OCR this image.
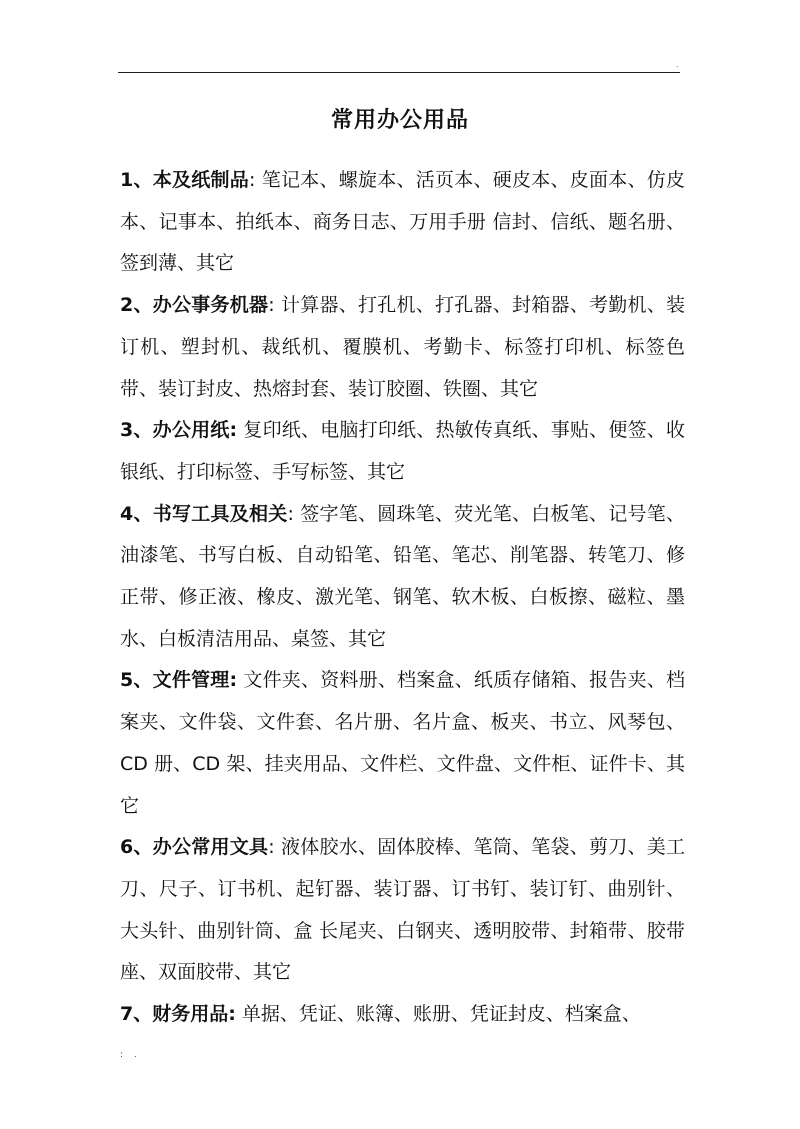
.
常用办公用品

1、本及纸制品: 笔记本、螺旋本、活页本、硬皮本、皮面本、仿皮本、记事本、拍纸本、商务日志、万用手册 信封、信纸、题名册、签到薄、其它

2、办公事务机器: 计算器、打孔机、打孔器、封箱器、考勤机、装订机、塑封机、裁纸机、覆膜机、考勤卡、标签打印机、标签色带、装订封皮、热熔封套、装订胶圈、铁圈、其它

3、办公用纸: 复印纸、电脑打印纸、热敏传真纸、事贴、便签、收银纸、打印标签、手写标签、其它

4、书写工具及相关: 签字笔、圆珠笔、荧光笔、白板笔、记号笔、油漆笔、书写白板、自动铅笔、铅笔、笔芯、削笔器、转笔刀、修正带、修正液、橡皮、激光笔、钢笔、软木板、白板擦、磁粒、墨水、白板清洁用品、桌签、其它

5、文件管理: 文件夹、资料册、档案盒、纸质存储箱、报告夹、档案夹、文件袋、文件套、名片册、名片盒、板夹、书立、风琴包、CD 册、CD 架、挂夹用品、文件栏、文件盘、文件柜、证件卡、其它

6、办公常用文具: 液体胶水、固体胶棒、笔筒、笔袋、剪刀、美工刀、尺子、订书机、起钉器、装订器、订书钉、装订钉、曲别针、大头针、曲别针筒、盒 长尾夹、白钢夹、透明胶带、封箱带、胶带座、双面胶带、其它

7、财务用品: 单据、凭证、账簿、账册、凭证封皮、档案盒、

: .
